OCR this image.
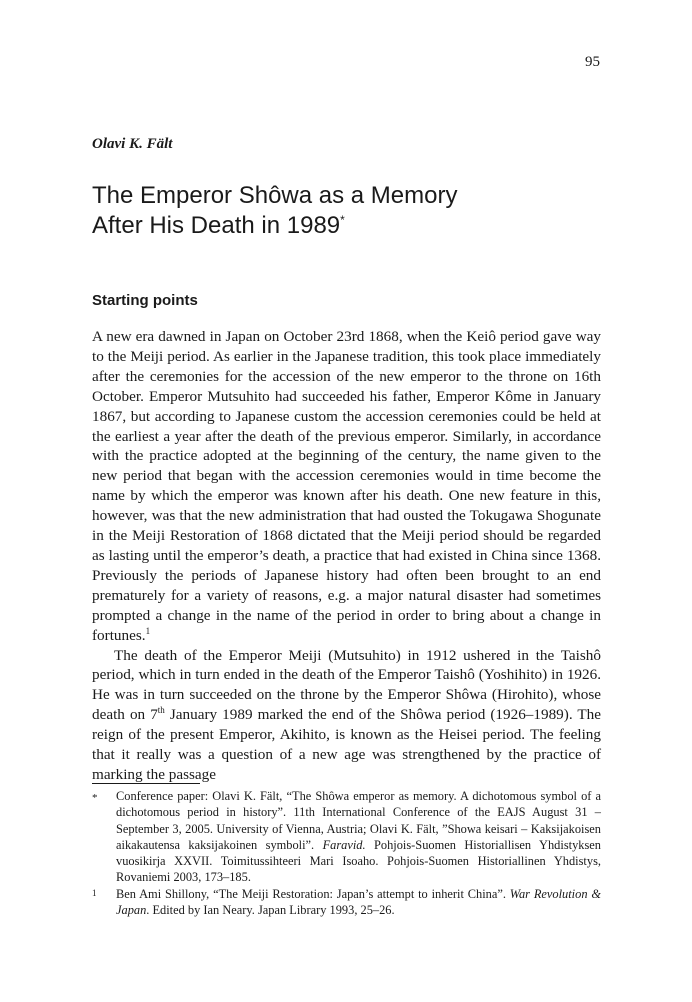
95
Olavi K. Fält
The Emperor Shôwa as a Memory
After His Death in 1989*
Starting points

A new era dawned in Japan on October 23rd 1868, when the Keiô period gave way to the Meiji period. As earlier in the Japanese tradition, this took place immediately after the ceremonies for the accession of the new emperor to the throne on 16th October. Emperor Mutsuhito had succeeded his father, Emperor Kôme in January 1867, but according to Japanese custom the accession ceremonies could be held at the earliest a year after the death of the previous emperor. Similarly, in accordance with the practice adopted at the beginning of the century, the name given to the new period that began with the accession ceremonies would in time become the name by which the emperor was known after his death. One new feature in this, however, was that the new administration that had ousted the Tokugawa Shogunate in the Meiji Restoration of 1868 dictated that the Meiji period should be regarded as lasting until the emperor’s death, a practice that had existed in China since 1368. Previously the periods of Japanese history had often been brought to an end prematurely for a variety of reasons, e.g. a major natural disaster had sometimes prompted a change in the name of the period in order to bring about a change in fortunes.$^1$

The death of the Emperor Meiji (Mutsuhito) in 1912 ushered in the Taishô period, which in turn ended in the death of the Emperor Taishô (Yoshihito) in 1926. He was in turn succeeded on the throne by the Emperor Shôwa (Hirohito), whose death on 7th January 1989 marked the end of the Shôwa period (1926–1989). The reign of the present Emperor, Akihito, is known as the Heisei period. The feeling that it really was a question of a new age was strengthened by the practice of marking the passage

* Conference paper: Olavi K. Fält, “The Shôwa emperor as memory. A dichotomous symbol of a dichotomous period in history”. 11th International Conference of the EAJS August 31 – September 3, 2005. University of Vienna, Austria; Olavi K. Fält, ”Showa keisari – Kaksijakoisen aikakautensa kaksijakoinen symboli”. Faravid. Pohjois-Suomen Historiallisen Yhdistyksen vuosikirja XXVII. Toimitussihteeri Mari Isoaho. Pohjois-Suomen Historiallinen Yhdistys, Rovaniemi 2003, 173–185.
1 Ben Ami Shillony, “The Meiji Restoration: Japan’s attempt to inherit China”. War Revolution & Japan. Edited by Ian Neary. Japan Library 1993, 25–26.
